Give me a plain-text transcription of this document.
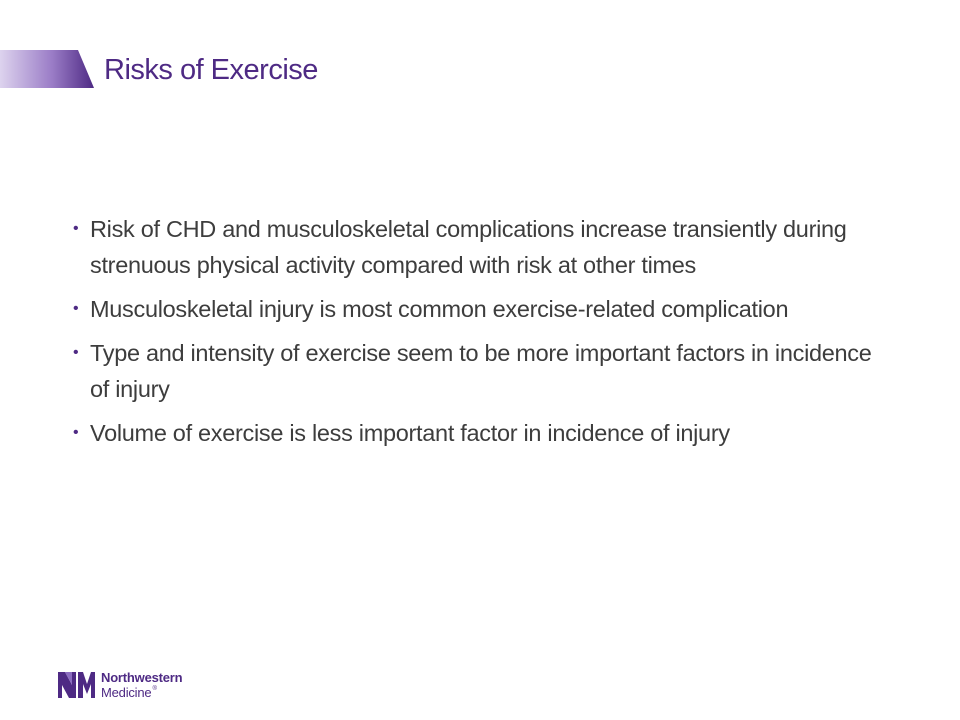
Risks of Exercise
• Risk of CHD and musculoskeletal complications increase transiently during strenuous physical activity compared with risk at other times
• Musculoskeletal injury is most common exercise-related complication
• Type and intensity of exercise seem to be more important factors in incidence of injury
• Volume of exercise is less important factor in incidence of injury
Northwestern
Medicine®
